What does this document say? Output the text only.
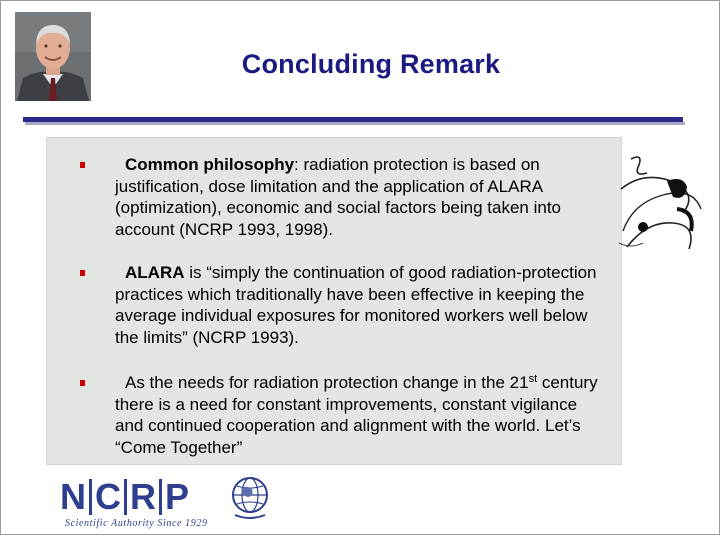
Concluding Remark
Common philosophy: radiation protection is based on justification, dose limitation and the application of ALARA (optimization), economic and social factors being taken into account (NCRP 1993, 1998).
ALARA is “simply the continuation of good radiation-protection practices which traditionally have been effective in keeping the average individual exposures for monitored workers well below the limits” (NCRP 1993).
As the needs for radiation protection change in the 21st century there is a need for constant improvements, constant vigilance and continued cooperation and alignment with the world. Let’s “Come Together”
N C R P
Scientific Authority Since 1929
